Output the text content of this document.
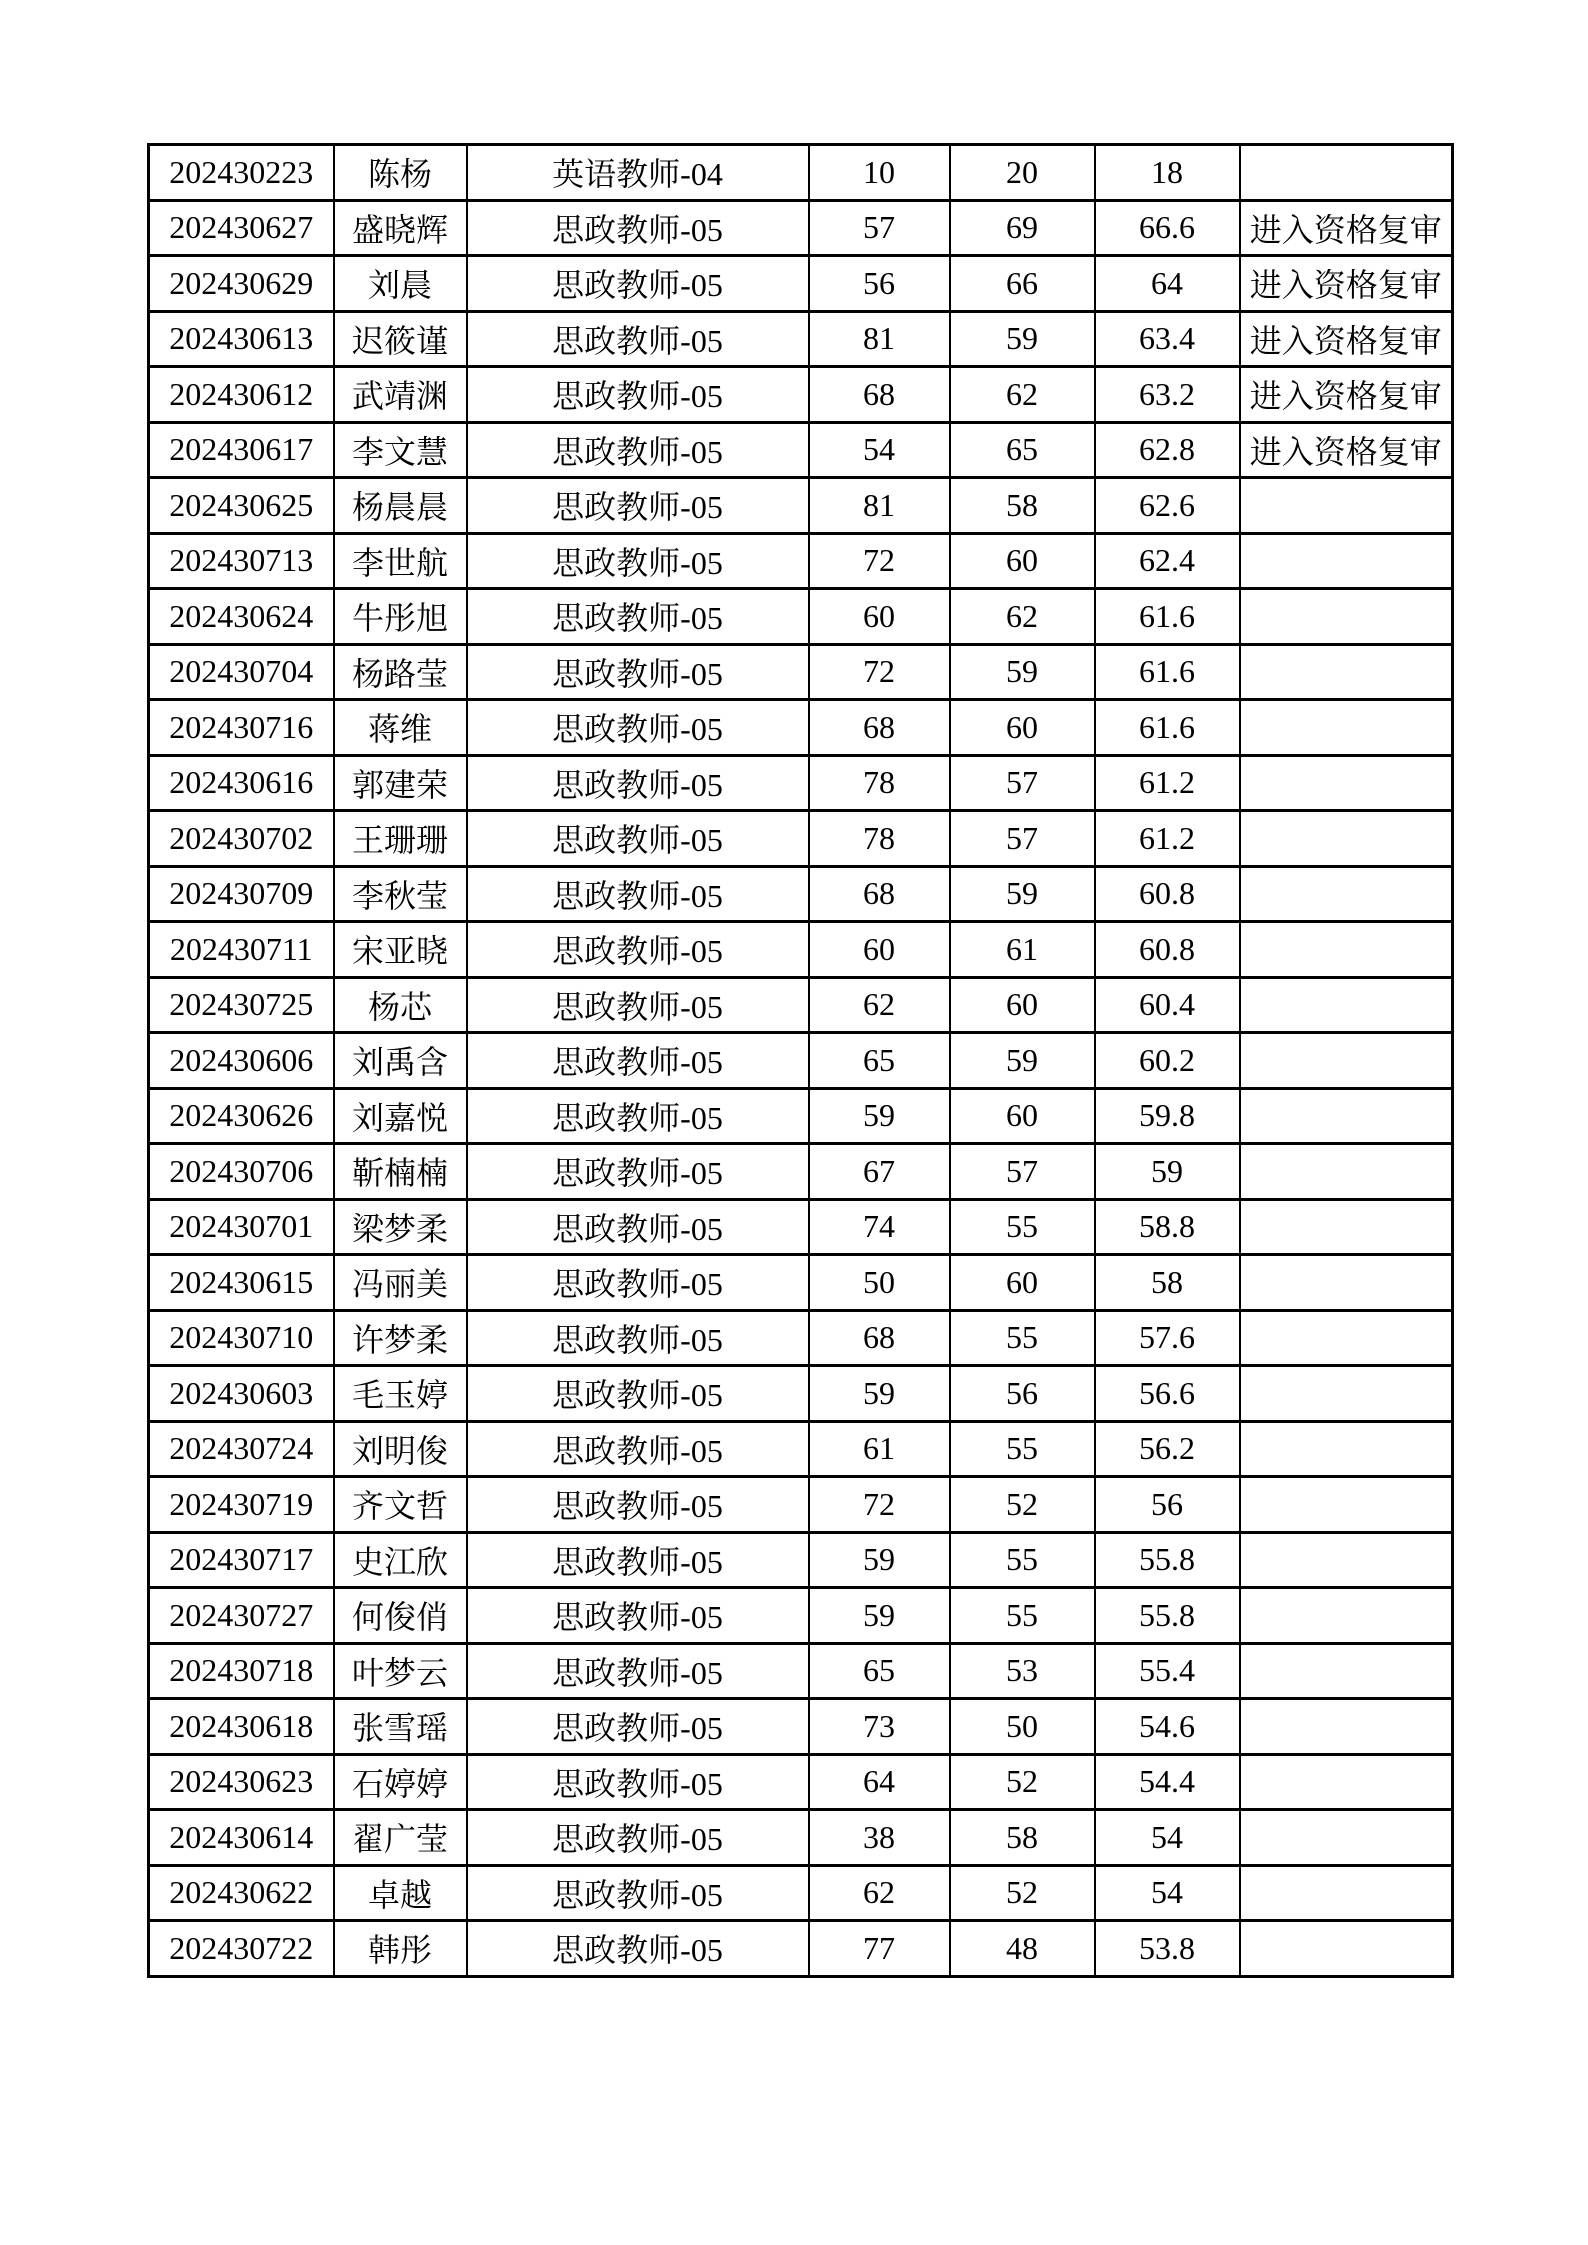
202430223	陈杨	英语教师-04	10	20	18	
202430627	盛晓辉	思政教师-05	57	69	66.6	进入资格复审
202430629	刘晨	思政教师-05	56	66	64	进入资格复审
202430613	迟筱谨	思政教师-05	81	59	63.4	进入资格复审
202430612	武靖渊	思政教师-05	68	62	63.2	进入资格复审
202430617	李文慧	思政教师-05	54	65	62.8	进入资格复审
202430625	杨晨晨	思政教师-05	81	58	62.6	
202430713	李世航	思政教师-05	72	60	62.4	
202430624	牛彤旭	思政教师-05	60	62	61.6	
202430704	杨路莹	思政教师-05	72	59	61.6	
202430716	蒋维	思政教师-05	68	60	61.6	
202430616	郭建荣	思政教师-05	78	57	61.2	
202430702	王珊珊	思政教师-05	78	57	61.2	
202430709	李秋莹	思政教师-05	68	59	60.8	
202430711	宋亚晓	思政教师-05	60	61	60.8	
202430725	杨芯	思政教师-05	62	60	60.4	
202430606	刘禹含	思政教师-05	65	59	60.2	
202430626	刘嘉悦	思政教师-05	59	60	59.8	
202430706	靳楠楠	思政教师-05	67	57	59	
202430701	梁梦柔	思政教师-05	74	55	58.8	
202430615	冯丽美	思政教师-05	50	60	58	
202430710	许梦柔	思政教师-05	68	55	57.6	
202430603	毛玉婷	思政教师-05	59	56	56.6	
202430724	刘明俊	思政教师-05	61	55	56.2	
202430719	齐文哲	思政教师-05	72	52	56	
202430717	史江欣	思政教师-05	59	55	55.8	
202430727	何俊俏	思政教师-05	59	55	55.8	
202430718	叶梦云	思政教师-05	65	53	55.4	
202430618	张雪瑶	思政教师-05	73	50	54.6	
202430623	石婷婷	思政教师-05	64	52	54.4	
202430614	翟广莹	思政教师-05	38	58	54	
202430622	卓越	思政教师-05	62	52	54	
202430722	韩彤	思政教师-05	77	48	53.8	
